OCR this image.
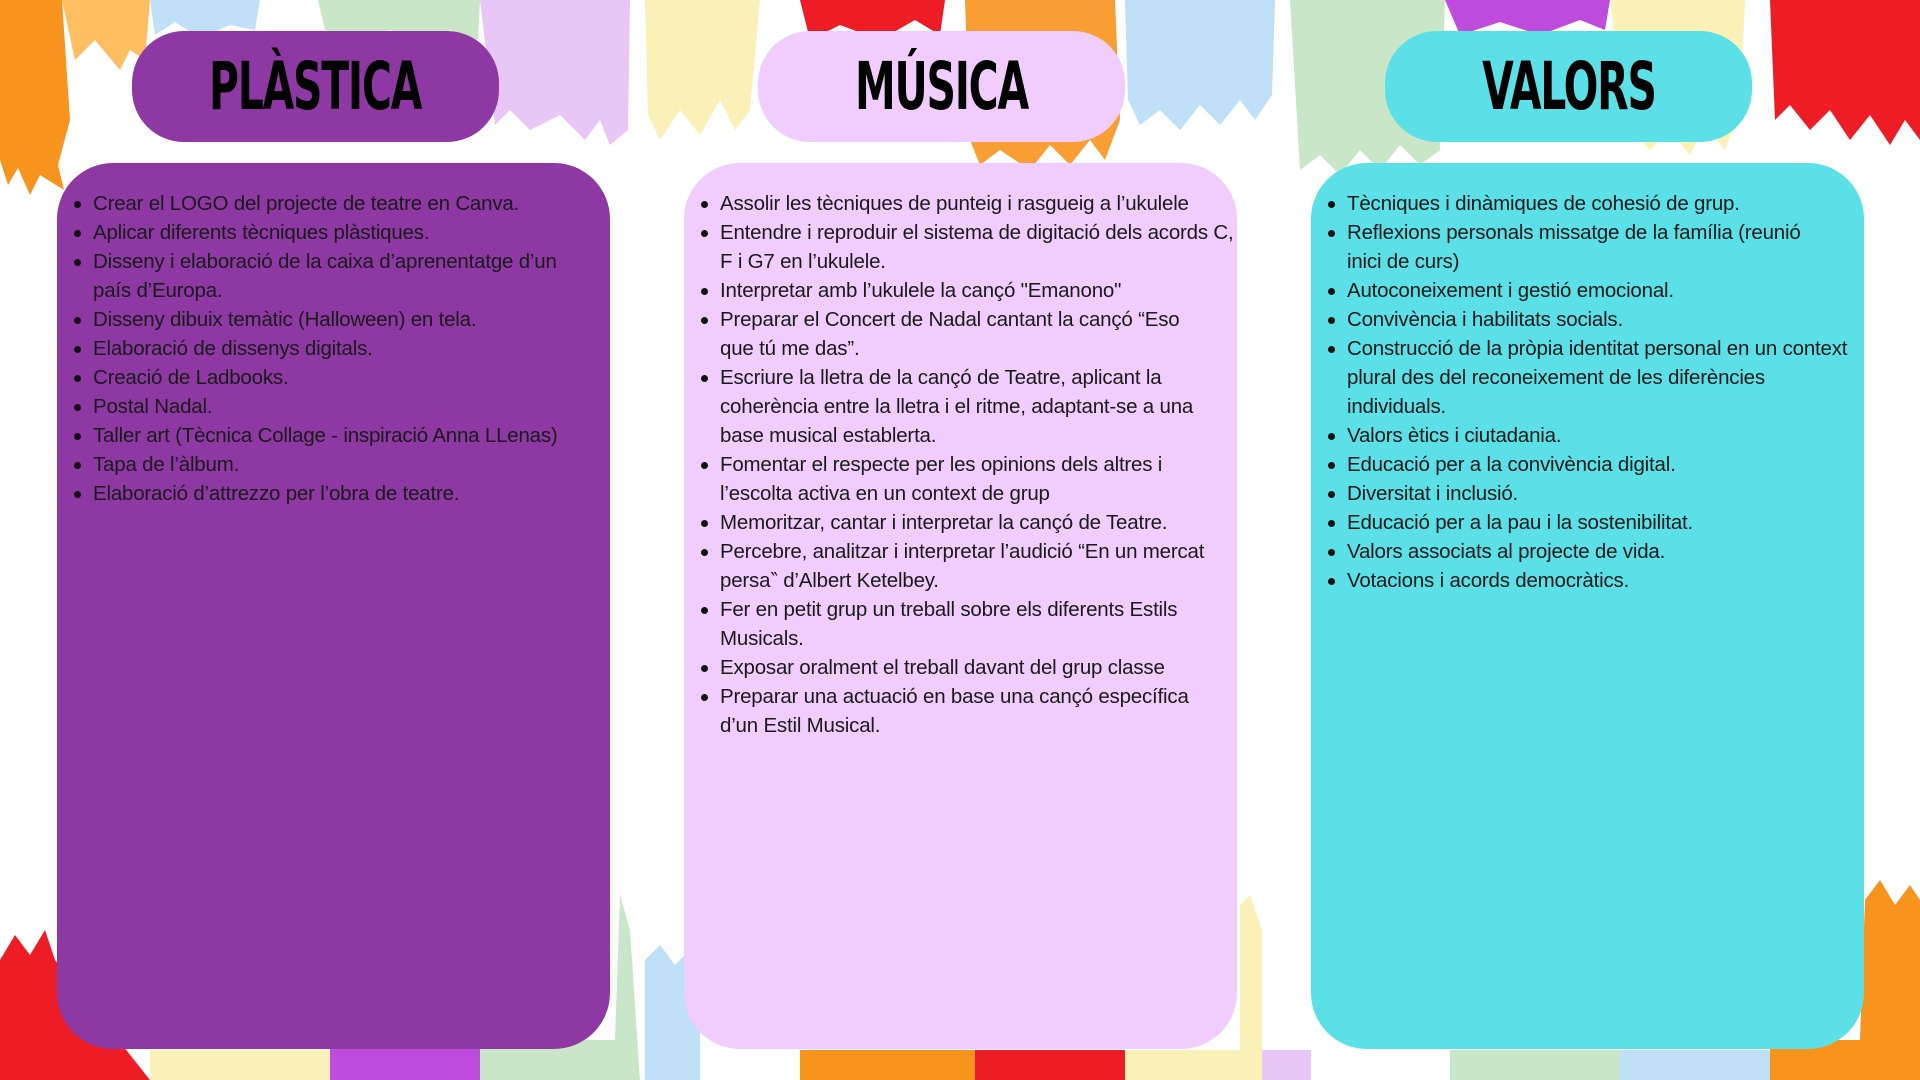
PLÀSTICA
Crear el LOGO del projecte de teatre en Canva.
Aplicar diferents tècniques plàstiques.
Disseny i elaboració de la caixa d’aprenentatge d’un país d’Europa.
Disseny dibuix temàtic (Halloween) en tela.
Elaboració de dissenys digitals.
Creació de Ladbooks.
Postal Nadal.
Taller art (Tècnica Collage - inspiració Anna LLenas)
Tapa de l’àlbum.
Elaboració d’attrezzo per l’obra de teatre.
MÚSICA
Assolir les tècniques de punteig i rasgueig a l’ukulele
Entendre i reproduir el sistema de digitació dels acords C, F i G7 en l’ukulele.
Interpretar amb l’ukulele la cançó "Emanono"
Preparar el Concert de Nadal cantant la cançó “Eso que tú me das”.
Escriure la lletra de la cançó de Teatre, aplicant la coherència entre la lletra i el ritme, adaptant-se a una base musical establerta.
Fomentar el respecte per les opinions dels altres i l’escolta activa en un context de grup
Memoritzar, cantar i interpretar la cançó de Teatre.
Percebre, analitzar i interpretar l’audició “En un mercat persa‶ d’Albert Ketelbey.
Fer en petit grup un treball sobre els diferents Estils Musicals.
Exposar oralment el treball davant del grup classe
Preparar una actuació en base una cançó específica d’un Estil Musical.
VALORS
Tècniques i dinàmiques de cohesió de grup.
Reflexions personals missatge de la família (reunió inici de curs)
Autoconeixement i gestió emocional.
Convivència i habilitats socials.
Construcció de la pròpia identitat personal en un context plural des del reconeixement de les diferències individuals.
Valors ètics i ciutadania.
Educació per a la convivència digital.
Diversitat i inclusió.
Educació per a la pau i la sostenibilitat.
Valors associats al projecte de vida.
Votacions i acords democràtics.
